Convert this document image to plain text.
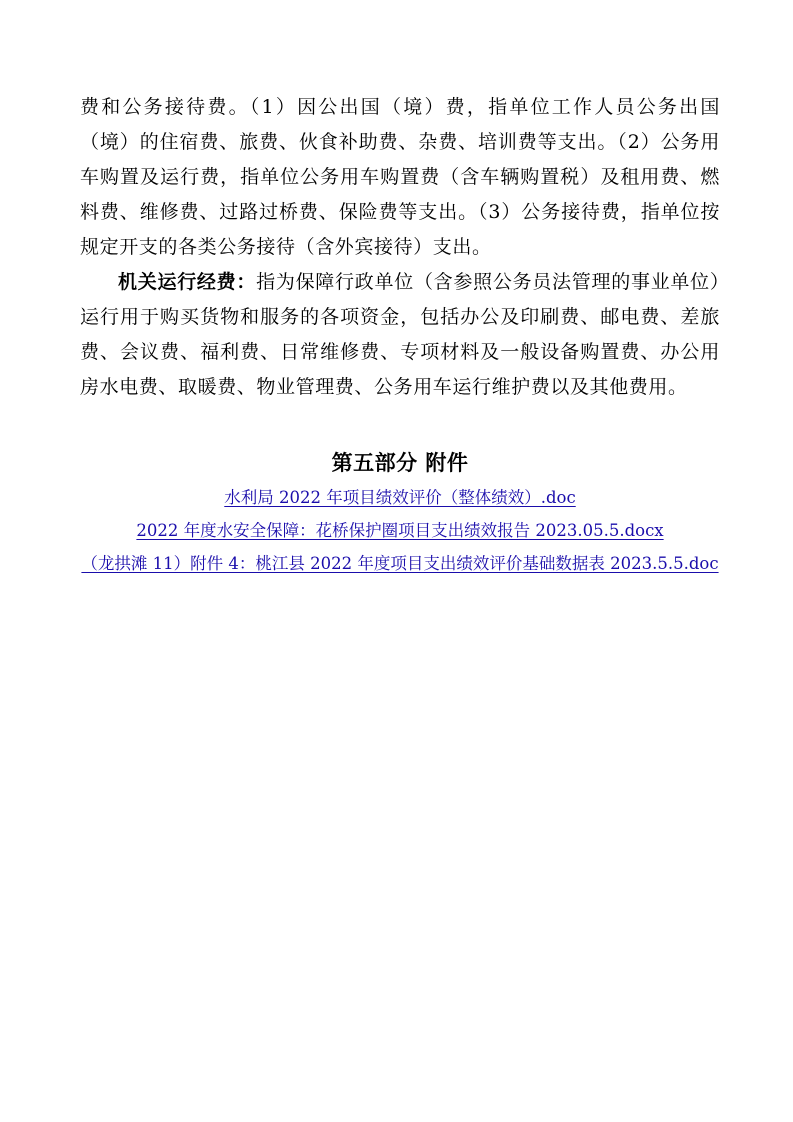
费和公务接待费。（1）因公出国（境）费，指单位工作人员公务出国（境）的住宿费、旅费、伙食补助费、杂费、培训费等支出。（2）公务用车购置及运行费，指单位公务用车购置费（含车辆购置税）及租用费、燃料费、维修费、过路过桥费、保险费等支出。（3）公务接待费，指单位按规定开支的各类公务接待（含外宾接待）支出。

机关运行经费：指为保障行政单位（含参照公务员法管理的事业单位）运行用于购买货物和服务的各项资金，包括办公及印刷费、邮电费、差旅费、会议费、福利费、日常维修费、专项材料及一般设备购置费、办公用房水电费、取暖费、物业管理费、公务用车运行维护费以及其他费用。

第五部分 附件
水利局 2022 年项目绩效评价（整体绩效）.doc
2022 年度水安全保障：花桥保护圈项目支出绩效报告 2023.05.5.docx
（龙拱滩 11）附件 4：桃江县 2022 年度项目支出绩效评价基础数据表 2023.5.5.doc
